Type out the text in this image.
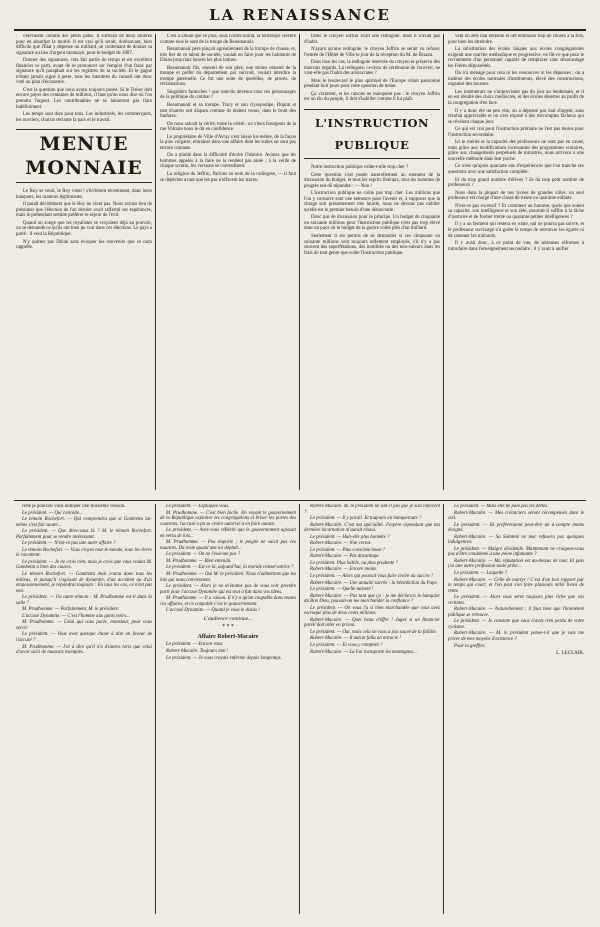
LA RENAISSANCE

s'élevaient comme des petits pâtés. Il suffisait de deux timbres pour en absorber la moitié. Il est vrai qu'il serait, dorénavant, bien difficile que l'État y dépense un milliard, se contentant de donner sa signature au lieu d'argent monnayé, pour le budget de 1887.

Donner des signatures, cela fait partie du temps et est excellent financier ce parti, avant de se prononcer sur l'emploi d'un franc par signature qu'il paraphait sur les registres de la société. Et le gagné n'étant jamais signé à perte, tous les membres du conseil ont donc voté un plan d'économie.

C'est la question que nous avons toujours posée. Si le Trésor doit encore payer des centaines de millions, il faut qu'on nous dise où l'on prendra l'argent. Les contribuables ne se laisseront pas faire indéfiniment.

Les temps sont durs pour tous. Les industriels, les commerçants, les ouvriers, chacun réclame la paix et le travail.

MENUE MONNAIE

Le Roy se venit, le Roy vient ! s'écrièrent récemment, dans leurs banquets, les orateurs légitimistes.

Il paraît décidément que le Roy ne vient pas. Nous avions lieu de présumer que l'élection de l'an dernier avait raffermi ses espérances, mais le prétendant semble préférer le séjour de l'exil.

Quand on songe que les royalistes se croyaient déjà au pouvoir, on se demande ce qu'ils ont bien pu voir dans ces élections. Le pays a parlé : il veut la République.

N'y quittez pas Dinan sans évoquer les souvenirs que ce nom rappelle.

C'est à Dinan que se joua, sous l'ordre moral, la burlesque célèbre comme tous le sont de la troupe de Beaumanoir.

Beaumanoir père pinçait agréablement de la trompe de chasse, et, très fier de ce talent de société, voulait en faire jouir les habitants de Dinan jusqu'aux heures les plus indues.

Beaumanoir fils, ennemi de son père, non moins ennemi de la trompe et préfet du département par surcroît, voulait interdire la trompe paternelle. Ce fut une suite de querelles, de procès, de réclamations.

Singuliers fantoches ! que sont-ils devenus tous ces personnages de la politique du combat ?

Beaumanoir et sa trompe, Tracy et son clysopompe, Duprat et tant d'autres ont disparu comme ils étaient venus, dans le bruit des fanfares.

On nous saluait la vérité, toute la vérité ; un vieux bourgeois de la rue Voltaire nous le dit en confidence.

Le propriétaire de Ville d'Avray s'est laissé lui-même, de la façon la plus vulgaire, entraîner dans une affaire dont les suites ne sont pas encore connues.

On a plaidé dans la difficulté d'écrire l'histoire. Avouez que les hommes appelés à la faire ne la rendent pas aisée ; à la veille de chaque scrutin, les versions se contredisent.

La religion du Jeffrin, Parlons au nom de la rodingote, — il faut se dépêcher avant que les pas n'effacent les traces.

Donc le citoyen Joffrin avait une redingote, mais il n'avait pas d'habit.

N'ayant qu'une redingote, le citoyen Joffrin se serait vu refuser l'entrée de l'Hôtel de Ville le jour de la réception du M. de Brazza.

Dans tous les cas, la redingote réservée du citoyen le préserva des mauvais regards. La redingote, ce-tissu de cérémonie de l'ouvrier, ne vaut-elle pas l'habit des aristocrates ?

Mais le boulevard le plus spirituel de l'Europe s'était passionné pendant huit jours pour cette question de tenue.

Ça vraiment, et les raisons ne manquent pas : le citoyen Joffrin est un élu du peuple, il doit s'habiller comme il lui plaît.

L'INSTRUCTION PUBLIQUE

Notre instruction publique coûte-t-elle trop cher ?

Cette question s'est posée naturellement au moment de la discussion du budget, et tous les esprits libéraux, tous les hommes de progrès ont dû répondre : — Non !

L'instruction publique ne coûte pas trop cher. Les millions que l'on y consacre sont une semence pour l'avenir et, à supposer que la charge soit présentement très lourde, nous ne devons pas oublier qu'elle est le premier besoin d'une démocratie.

Donc pas de discussion pour le principe. Un budget de cinquante ou soixante millions pour l'instruction publique n'est pas trop élevé dans un pays où le budget de la guerre coûte près d'un milliard.

Seulement il est permis de se demander si ces cinquante ou soixante millions sont toujours utilement employés, s'il n'y a pas souvent des superfétations, des inutilités ou des non-valeurs dans les frais de tout genre que coûte l'instruction publique.

vent un zèle mal entendu et ont embrassé trop de choses à la fois, pour bien les étreindre.

La substitution des écoles laïques aux écoles congréganistes exigeait une marche méthodique et progressive, ne fût-ce que pour le recrutement d'un personnel capable de remplacer sans désavantage les Frères dépossédés.

On n'a ménagé pour cela ni les ressources ni les dépenses ; on a institué des écoles normales d'instituteurs, élevé des constructions, organisé des bourses.

Les instituteurs ne s'improvisent pas du jour au lendemain, et il en est résulté des choix médiocres, et des écoles désertes au profit de la congrégation d'en face.

Il y a donc été un peu vite, on a dépensé pas mal d'argent, sans résultat appréciable et on s'est exposé à des mécomptes fâcheux qui se révèlent chaque jour.

Ce qui est vrai pour l'instruction primaire ne l'est pas moins pour l'instruction secondaire.

Ici le mérite et la capacité des professeurs ne sont pas en cause, mais grâce aux modifications incessantes des programmes scolaires, grâce aux changements perpétuels de ministres, nous arrivons à une nouvelle méthode dans leur poche.

Ce n'est qu'après quarante ans d'expériences que l'on tranche ces questions avec une satisfaction complète.

Et du trop grand nombre d'élèves ? Et du trop petit nombre de professeurs ?

Nous dans la plupart de nos lycées de grandes villes, un seul professeur est chargé d'une classe de trente ou quarante enfants.

N'est-ce pas excessif ? Et comment un homme, quels que soient sa capacité, son intelligence et son zèle, pourrait-il suffire à la tâche d'instruire et de former trente ou quarante petites intelligences ?

Il y a un ferment qui restera en route, qui ne pourra pas suivre, et le professeur surchargé n'a guère le temps de retrouver les égarés ni de ramener les traînards.

Il y avait donc, à ce point de vue, de sérieuses réformes à introduire dans l'enseignement secondaire ; il y avait à unifier

rerle je pourrais vous indiquer une troisième version.

Le président. — Qui concède...

Le témoin Rochefort. — Qui comprendra que si Gambetta lui-même s'est fait sauter...

Le président. — Que dites-vous là ? M. le témoin Rochefort. Parfaitement pour se rendre intéressant.

Le président. — N'est-ce pas une autre affaire ?

Le témoin Rochefort. — Vous croyez tout le monde, tous les livres le racontent.

Le président. — Je ne crois rien, mais je crois que vous voulez M. Gambetta à bien des causes.

Le témoin Rochefort. — Gambetta était connu dans tous les milieux, et puisqu'il s'agissait de dynamite, d'un accident ou d'un empoisonnement, je répondrai toujours : En tous les cas, ce n'est pas moi.

Le président. — Un autre témoin : M. Prudhomme est-il dans la salle ?

M. Prudhomme. — Parfaitement, M. le président.

L'accusé Dynamite. — C'est l'homme aux gants noirs...

M. Prudhomme. — Celui qui vous parle, monsieur, pour vous servir.

Le président. — Vous avez quelque chose à dire en faveur de l'accusé ?

M. Prudhomme. — J'ai à dire qu'il n'a d'autres torts que celui d'avoir suivi de mauvais exemples.

Le président. — Expliquez-vous.

M. Prudhomme. — C'est bien facile. En voyant le gouvernement de la République exploiter les congrégations et briser les portes des couvents, l'accusé a pu se croire autorisé à en faire autant.

Le président. — Avez-vous réfléchi que le gouvernement agissait en vertu de lois...

M. Prudhomme. — Peu importe ; le peuple ne saisit pas ces nuances. Du reste quand une loi déplaît...

Le président. — On ne l'exécute pas ?

M. Prudhomme. — Bien entendu.

Le président. — Est-ce là, aujourd'hui, la morale conservatrice ?

M. Prudhomme. — Oui M. le président. Nous n'admettons que les lois qui nous conviennent.

Le président. — Alors je ne m'étonne pas de vous voir prendre parti pour l'accusé Dynamite qui est tout à fait dans vos idées.

M. Prudhomme. — Il a raison. Il n'y a qu'un coupable dans toutes ces affaires, et ce coupable c'est le gouvernement.

L'accusé Dynamite. — Quand je vous le disais !

L'audience continue...
* * *
Affaire Robert-Macaire

Le président. — Encore vous.

Robert-Macaire. Toujours moi !

Le président. — Je vous croyais enfermé depuis longtemps.

Robert-Macaire. M. le président ne sait-il pas que je suis innocent ?

Le président. — Il y paraît. Et toujours en banqueroute ?

Robert-Macaire. C'est ma spécialité. J'espère cependant que ma dernière incarnation m'aurait réussi.

Le président. — Huit-elle plus honnête ?

Robert-Macaire. — Non certes.

Le président. — Plus consciencieuse ?

Robert-Macaire. — Pas davantage.

Le président. Plus habile, ou plus prudente ?

Robert-Macaire. — Encore moins.

Le président. — Alors qui pouvait vous faire croire au succès ?

Robert-Macaire. — Une annuité sacrée : la bénédiction du Pape.

Le président. — Quelle naïveté !

Robert-Macaire. — Pas tant que ça : je me déclarais le banquier du Bon Dieu, pouvait-on me marchander la confiance ?

Le président. — On vous l'a si bien marchandée que vous avez escroqué plus de deux cents millions.

Robert-Macaire. — Quel beau chiffre ! Jugez si un financier pareil doit aller en prison.

Le président. — Oui, mais cela ne vous a pas sauvé de la faillite.

Robert-Macaire. — Il aurait fallu un miracle !

Le président. — Et vous y comptiez ?

Robert-Macaire. — La Foi transporte les montagnes...

Le président. — Mais elle ne paie pas les dettes.

Robert-Macaire. — Mes créanciers seront récompensés dans le ciel.

Le président. — Ils préféreraient peut-être un à-compte moins éloigné.

Robert-Macaire. — Sa Sainteté ne leur refusera pas quelques indulgences.

Le président. — Malgré dividende. Maintenant ne craignez-vous pas d'être condamné à une peine infamante ?

Robert-Macaire. — Ma réputation est au-dessus de tout. Et puis j'ai une autre profession toute prête...

Le président. — Laquelle ?

Robert-Macaire. — Celle de martyr ! C'est d'un bon rapport par le temps qui court, et l'on peut s'en faire plusieurs mille livres de rente.

Le président. — Alors vous serez toujours plus riche que vos victimes.

Robert-Macaire. — Naturellement ; il faut bien que l'honnêteté publique se retrouve.

Le président. — Je constate que vous n'avez rien perdu de votre cynisme.

Robert-Macaire. — M. le président pense-t-il que je vais me priver de mes moyens d'existence ?

Pour la greffier.

L. LECLAIR.
